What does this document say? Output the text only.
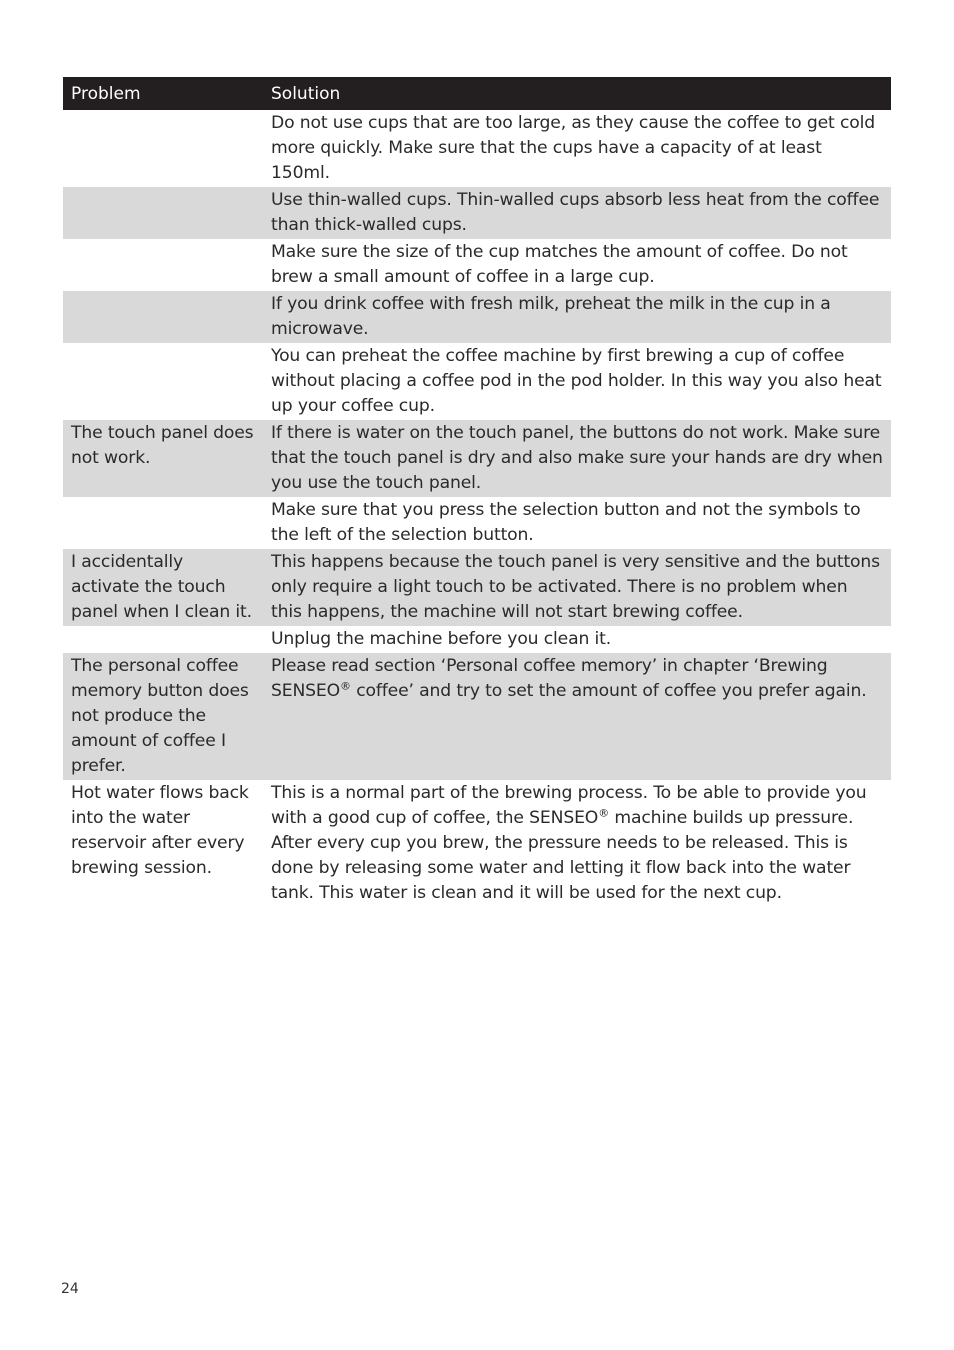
Problem	Solution
	Do not use cups that are too large, as they cause the coffee to get cold more quickly. Make sure that the cups have a capacity of at least 150ml.
	Use thin-walled cups. Thin-walled cups absorb less heat from the coffee than thick-walled cups.
	Make sure the size of the cup matches the amount of coffee. Do not brew a small amount of coffee in a large cup.
	If you drink coffee with fresh milk, preheat the milk in the cup in a microwave.
	You can preheat the coffee machine by first brewing a cup of coffee without placing a coffee pod in the pod holder. In this way you also heat up your coffee cup.
The touch panel does not work.	If there is water on the touch panel, the buttons do not work. Make sure that the touch panel is dry and also make sure your hands are dry when you use the touch panel.
	Make sure that you press the selection button and not the symbols to the left of the selection button.
I accidentally activate the touch panel when I clean it.	This happens because the touch panel is very sensitive and the buttons only require a light touch to be activated. There is no problem when this happens, the machine will not start brewing coffee.
	Unplug the machine before you clean it.
The personal coffee memory button does not produce the amount of coffee I prefer.	Please read section ‘Personal coffee memory’ in chapter ‘Brewing SENSEO® coffee’ and try to set the amount of coffee you prefer again.
Hot water flows back into the water reservoir after every brewing session.	This is a normal part of the brewing process. To be able to provide you with a good cup of coffee, the SENSEO® machine builds up pressure. After every cup you brew, the pressure needs to be released. This is done by releasing some water and letting it flow back into the water tank. This water is clean and it will be used for the next cup.
24
